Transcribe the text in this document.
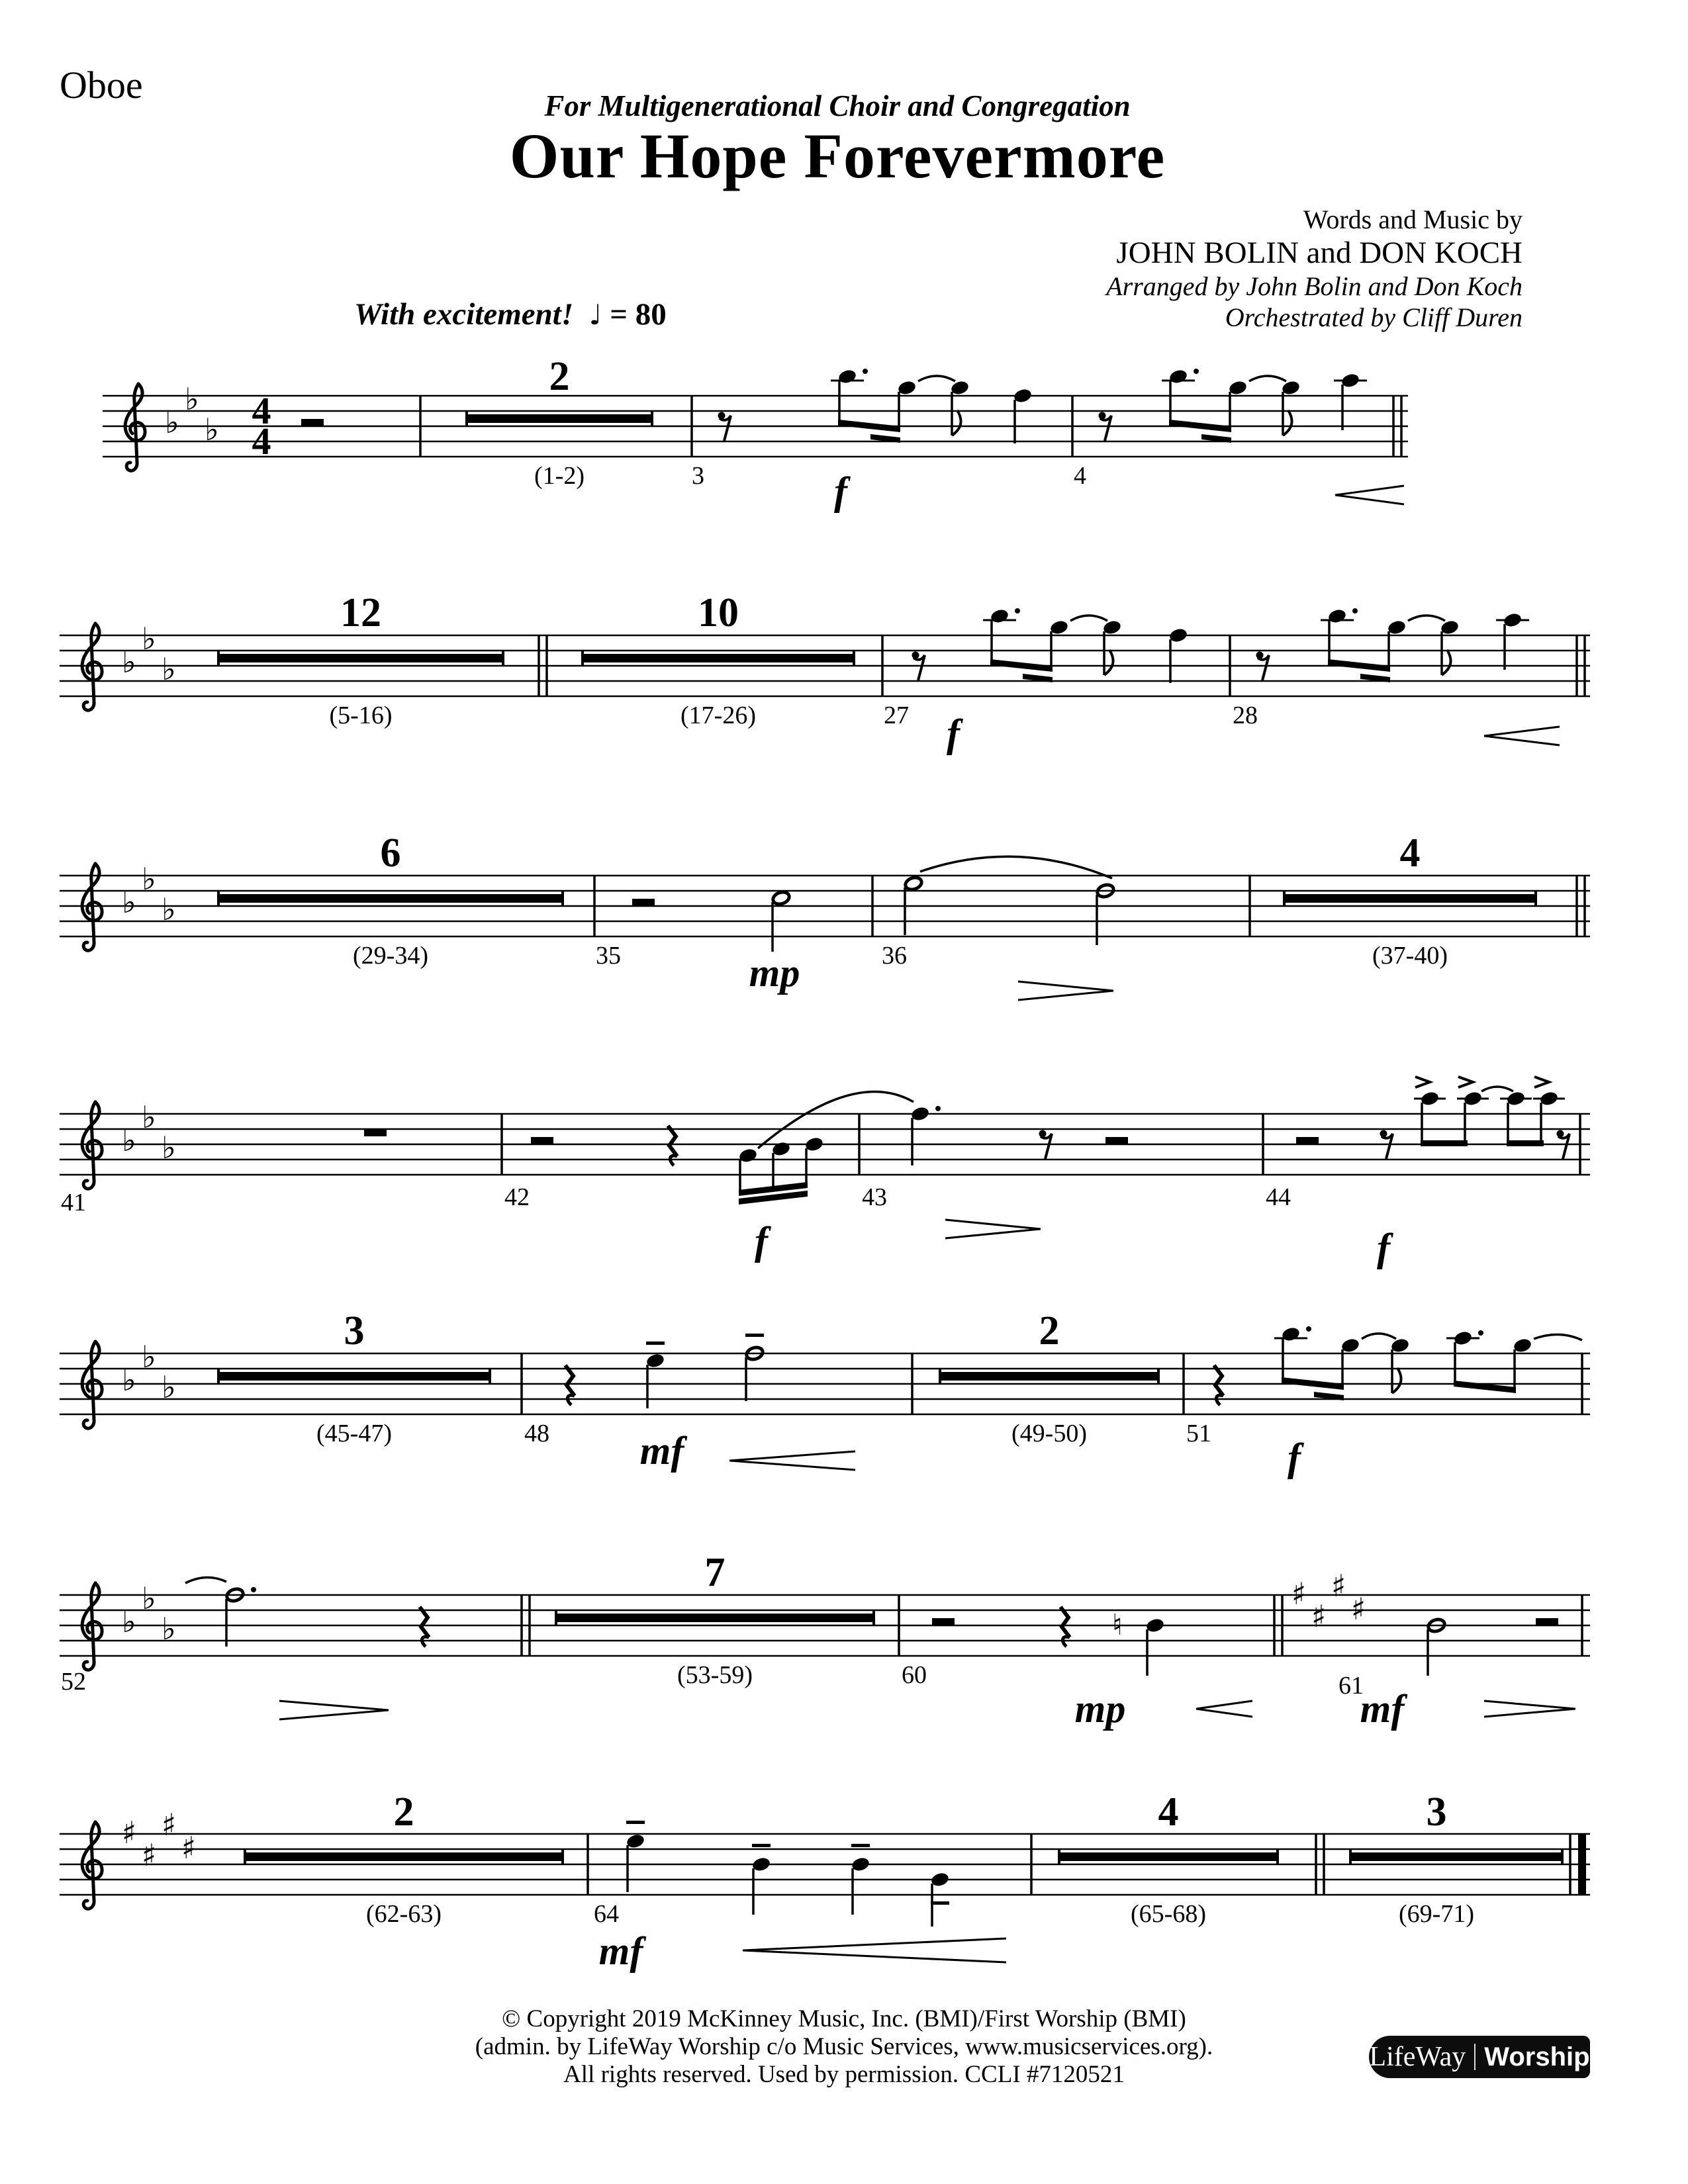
Oboe	For Multigenerational Choir and Congregation
Our Hope Forevermore
Words and Music by
JOHN BOLIN and DON KOCH
Arranged by John Bolin and Don Koch
Orchestrated by Cliff Duren
With excitement! ♩ = 80
♭
♭
♭ 4
4
♭
♭
♭
♭
♭
♭
♭
♭
♭
♭
♭
♭
♭
♭
♭	♮
♯
♯
♯
♯
♯
♯
♯
♯
2
(1-2)	3	f	4
12
(5-16)
10
(17-26)	27 f	28
6
(29-34)	35	mp	36
4
(37-40)
41	42
f
43	44
f
3
(45-47)	48 mf
2
(49-50)	51
f
52
7
(53-59)	60
mp
61
mf
2
(62-63)	64
mf
4
(65-68)
3
(69-71)
© Copyright 2019 McKinney Music, Inc. (BMI)/First Worship (BMI)
(admin. by LifeWay Worship c/o Music Services, www.musicservices.org).
All rights reserved. Used by permission. CCLI #7120521
LifeWay Worship
